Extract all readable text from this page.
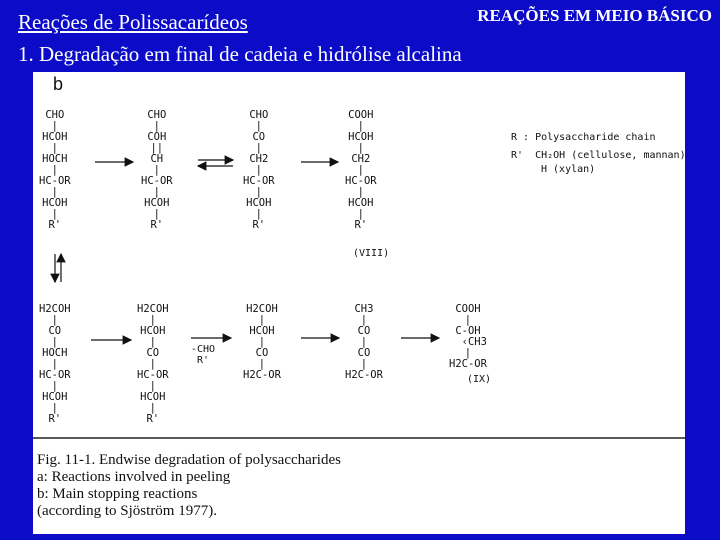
REAÇÕES EM MEIO BÁSICO
Reações de Polissacarídeos
1. Degradação em final de cadeia e hidrólise alcalina
b
CHO
|
HCOH
|
HOCH
|
HC-OR
|
HCOH
|
R'
CHO
|
COH
||
CH
|
HC-OR
|
HCOH
|
R'
CHO
|
CO
|
CH2
|
HC-OR
|
HCOH
|
R'
COOH
|
HCOH
|
CH2
|
HC-OR
|
HCOH
|
R'
(VIII)
R : Polysaccharide chain
R'  CH₂OH (cellulose, mannan)
H (xylan)
H2COH
|
CO
|
HOCH
|
HC-OR
|
HCOH
|
R'
H2COH
|
HCOH
|
CO
|
HC-OR
|
HCOH
|
R'
H2COH
|
HCOH
|
CO
|
H2C-OR
CH3
|
CO
|
CO
|
H2C-OR
COOH
|
C-OH
‹CH3
|
H2C-OR
-CHO
R'
(IX)
Fig. 11-1. Endwise degradation of polysaccharides
a: Reactions involved in peeling
b: Main stopping reactions
(according to Sjöström 1977).
